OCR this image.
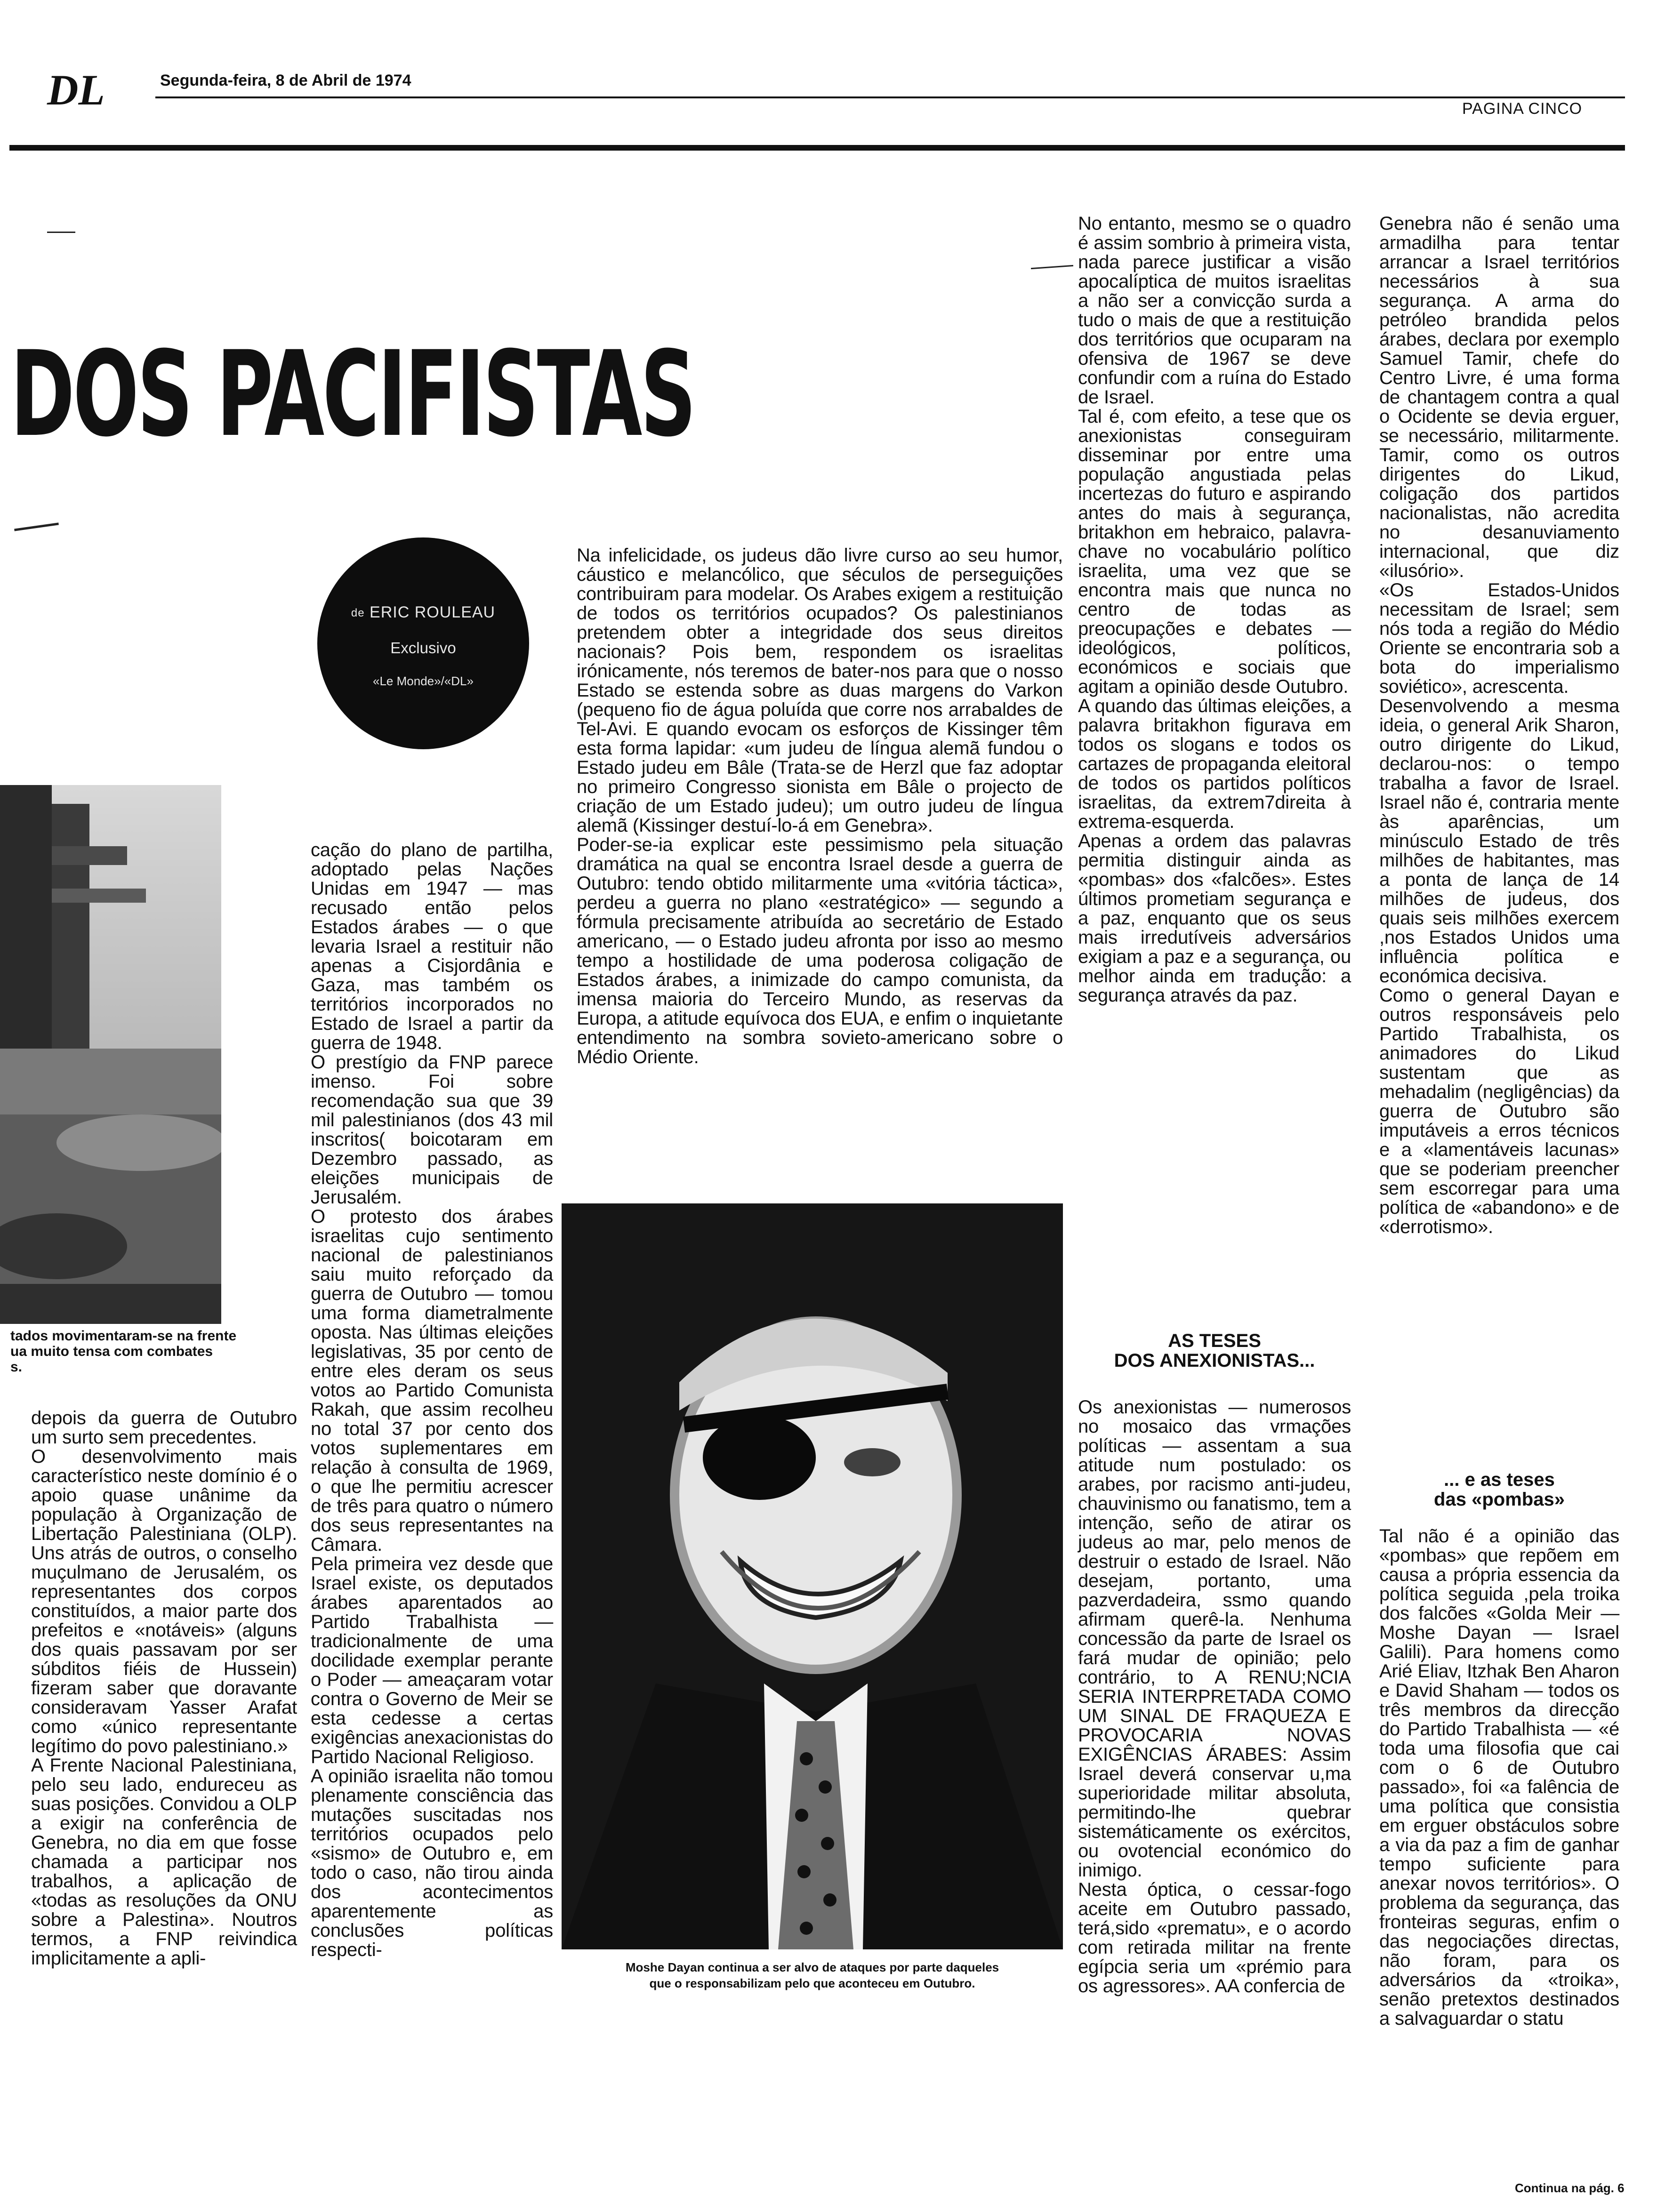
DL	Segunda-feira, 8 de Abril de 1974
PAGINA CINCO
DOS PACIFISTAS
de ERIC ROULEAU
Exclusivo
«Le Monde»/«DL»
tados movimentaram-se na frente
ua muito tensa com combates
s.

depois da guerra de Outubro um surto sem precedentes.
O desenvolvimento mais característico neste domínio é o apoio quase unânime da população à Organização de Libertação Palestiniana (OLP). Uns atrás de outros, o conselho muçulmano de Jerusalém, os representantes dos corpos constituídos, a maior parte dos prefeitos e «notáveis» (alguns dos quais passavam por ser súbditos fiéis de Hussein) fizeram saber que doravante consideravam Yasser Arafat como «único representante legítimo do povo palestiniano.»
A Frente Nacional Palestiniana, pelo seu lado, endureceu as suas posições. Convidou a OLP a exigir na conferência de Genebra, no dia em que fosse chamada a participar nos trabalhos, a aplicação de «todas as resoluções da ONU sobre a Palestina». Noutros termos, a FNP reivindica implicitamente a apli-

cação do plano de partilha, adoptado pelas Nações Unidas em 1947 — mas recusado então pelos Estados árabes — o que levaria Israel a restituir não apenas a Cisjordânia e Gaza, mas também os territórios incorporados no Estado de Israel a partir da guerra de 1948.
O prestígio da FNP parece imenso. Foi sobre recomendação sua que 39 mil palestinianos (dos 43 mil inscritos( boicotaram em Dezembro passado, as eleições municipais de Jerusalém.
O protesto dos árabes israelitas cujo sentimento nacional de palestinianos saiu muito reforçado da guerra de Outubro — tomou uma forma diametralmente oposta. Nas últimas eleições legislativas, 35 por cento de entre eles deram os seus votos ao Partido Comunista Rakah, que assim recolheu no total 37 por cento dos votos suplementares em relação à consulta de 1969, o que lhe permitiu acrescer de três para quatro o número dos seus representantes na Câmara.
Pela primeira vez desde que Israel existe, os deputados árabes aparentados ao Partido Trabalhista — tradicionalmente de uma docilidade exemplar perante o Poder — ameaçaram votar contra o Governo de Meir se esta cedesse a certas exigências anexacionistas do Partido Nacional Religioso.
A opinião israelita não tomou plenamente consciência das mutações suscitadas nos territórios ocupados pelo «sismo» de Outubro e, em todo o caso, não tirou ainda dos acontecimentos aparentemente as conclusões políticas respecti-

Na infelicidade, os judeus dão livre curso ao seu humor, cáustico e melancólico, que séculos de perseguições contribuiram para modelar. Os Arabes exigem a restituição de todos os territórios ocupados? Os palestinianos pretendem obter a integridade dos seus direitos nacionais? Pois bem, respondem os israelitas irónicamente, nós teremos de bater-nos para que o nosso Estado se estenda sobre as duas margens do Varkon (pequeno fio de água poluída que corre nos arrabaldes de Tel-Avi. E quando evocam os esforços de Kissinger têm esta forma lapidar: «um judeu de língua alemã fundou o Estado judeu em Bâle (Trata-se de Herzl que faz adoptar no primeiro Congresso sionista em Bâle o projecto de criação de um Estado judeu); um outro judeu de língua alemã (Kissinger destuí-lo-á em Genebra».
Poder-se-ia explicar este pessimismo pela situação dramática na qual se encontra Israel desde a guerra de Outubro: tendo obtido militarmente uma «vitória táctica», perdeu a guerra no plano «estratégico» — segundo a fórmula precisamente atribuída ao secretário de Estado americano, — o Estado judeu afronta por isso ao mesmo tempo a hostilidade de uma poderosa coligação de Estados árabes, a inimizade do campo comunista, da imensa maioria do Terceiro Mundo, as reservas da Europa, a atitude equívoca dos EUA, e enfim o inquietante entendimento na sombra sovieto-americano sobre o Médio Oriente.

Moshe Dayan continua a ser alvo de ataques por parte daqueles
que o responsabilizam pelo que aconteceu em Outubro.

No entanto, mesmo se o quadro é assim sombrio à primeira vista, nada parece justificar a visão apocalíptica de muitos israelitas a não ser a convicção surda a tudo o mais de que a restituição dos territórios que ocuparam na ofensiva de 1967 se deve confundir com a ruína do Estado de Israel.
Tal é, com efeito, a tese que os anexionistas conseguiram disseminar por entre uma população angustiada pelas incertezas do futuro e aspirando antes do mais à segurança, britakhon em hebraico, palavra-chave no vocabulário político israelita, uma vez que se encontra mais que nunca no centro de todas as preocupações e debates — ideológicos, políticos, económicos e sociais que agitam a opinião desde Outubro.
A quando das últimas eleições, a palavra britakhon figurava em todos os slogans e todos os cartazes de propaganda eleitoral de todos os partidos políticos israelitas, da extrem7direita à extrema-esquerda.
Apenas a ordem das palavras permitia distinguir ainda as «pombas» dos «falcões». Estes últimos prometiam segurança e a paz, enquanto que os seus mais irredutíveis adversários exigiam a paz e a segurança, ou melhor ainda em tradução: a segurança através da paz.

AS TESES
DOS ANEXIONISTAS...

Os anexionistas — numerosos no mosaico das vrmações políticas — assentam a sua atitude num postulado: os arabes, por racismo anti-judeu, chauvinismo ou fanatismo, tem a intenção, seño de atirar os judeus ao mar, pelo menos de destruir o estado de Israel. Não desejam, portanto, uma pazverdadeira, ssmo quando afirmam querê-la. Nenhuma concessão da parte de Israel os fará mudar de opinião; pelo contrário, to A RENU;NCIA SERIA INTERPRETADA COMO UM SINAL DE FRAQUEZA E PROVOCARIA NOVAS EXIGÊNCIAS ÁRABES: Assim Israel deverá conservar u,ma superioridade militar absoluta, permitindo-lhe quebrar sistemáticamente os exércitos, ou ovotencial económico do inimigo.
Nesta óptica, o cessar-fogo aceite em Outubro passado, terá,sido «prematu», e o acordo com retirada militar na frente egípcia seria um «prémio para os agressores». AA confercia de

Genebra não é senão uma armadilha para tentar arrancar a Israel territórios necessários à sua segurança. A arma do petróleo brandida pelos árabes, declara por exemplo Samuel Tamir, chefe do Centro Livre, é uma forma de chantagem contra a qual o Ocidente se devia erguer, se necessário, militarmente. Tamir, como os outros dirigentes do Likud, coligação dos partidos nacionalistas, não acredita no desanuviamento internacional, que diz «ilusório».
«Os Estados-Unidos necessitam de Israel; sem nós toda a região do Médio Oriente se encontraria sob a bota do imperialismo soviético», acrescenta.
Desenvolvendo a mesma ideia, o general Arik Sharon, outro dirigente do Likud, declarou-nos: o tempo trabalha a favor de Israel. Israel não é, contraria mente às aparências, um minúsculo Estado de três milhões de habitantes, mas a ponta de lança de 14 milhões de judeus, dos quais seis milhões exercem ,nos Estados Unidos uma influência política e económica decisiva.
Como o general Dayan e outros responsáveis pelo Partido Trabalhista, os animadores do Likud sustentam que as mehadalim (negligências) da guerra de Outubro são imputáveis a erros técnicos e a «lamentáveis lacunas» que se poderiam preencher sem escorregar para uma política de «abandono» e de «derrotismo».

... e as teses
das «pombas»

Tal não é a opinião das «pombas» que repõem em causa a própria essencia da política seguida ,pela troika dos falcões «Golda Meir — Moshe Dayan — Israel Galili). Para homens como Arié Eliav, Itzhak Ben Aharon e David Shaham — todos os três membros da direcção do Partido Trabalhista — «é toda uma filosofia que cai com o 6 de Outubro passado», foi «a falência de uma política que consistia em erguer obstáculos sobre a via da paz a fim de ganhar tempo suficiente para anexar novos territórios». O problema da segurança, das fronteiras seguras, enfim o das negociações directas, não foram, para os adversários da «troika», senão pretextos destinados a salvaguardar o statu

Continua na pág. 6
